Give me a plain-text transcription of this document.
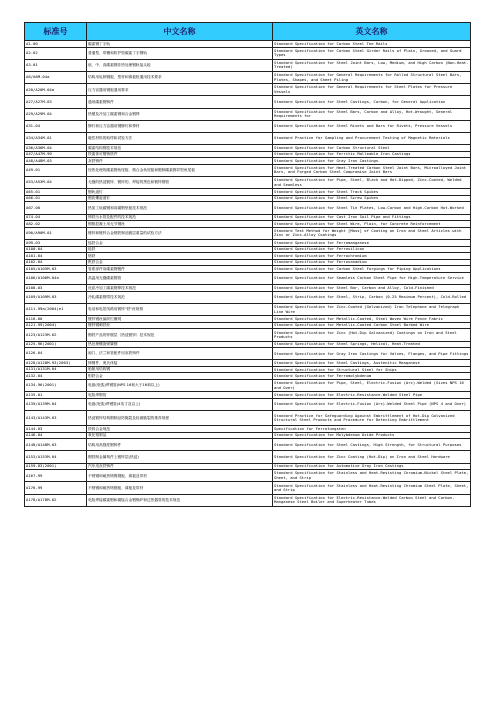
标准号	中文名称	英文名称
A1-00	碳素钢丁字轨	Standard Specification for Carbon Steel Tee Rails
A2-02	普通型、带槽和防护型碳素丁字钢轨	Standard Specification for Carbon Steel Girder Rails of Plain, Grooved, and Guard Types
A3-01	低、中、高碳素钢非热处理钢轨接头板	Standard Specification for Steel Joint Bars, Low, Medium, and High Carbon (Non-Heat-Treated)
A6/A6M-04a	结构用轧制钢板、型材和薄板桩通用技术要求	Standard Specification for General Requirements for Rolled Structural Steel Bars, Plates, Shapes, and Sheet Piling
A20/A20M-04a	压力容器用钢板通用要求	Standard Specification for General Requirements for Steel Plates for Pressure Vessels
A27/A27M-03	通用碳素钢铸件	Standard Specification for Steel Castings, Carbon, for General Application
A29/A29M-04	热锻及冷加工碳素钢和合金钢棒	Standard Specification for Steel Bars, Carbon and Alloy, Hot-Wrought, General Requirements for
A31-04	铆钉和压力容器用钢铆钉和棒材	Standard Specification for Steel Rivets and Bars for Rivets, Pressure Vessels
A34/A34M-01	磁性材料的取样和试验方法	Standard Practice for Sampling and Procurement Testing of Magnetic Materials
A36/A36M-04	碳素结构钢技术规范	Standard Specification for Carbon Structural Steel
A47/A47M-99	铁素体可锻铸铁件	Standard Specification for Ferritic Malleable Iron Castings
A48/A48M-03	灰铁铸件	Standard Specification for Gray Iron Castings
A49-01	经热处理的碳素钢鱼尾板、微合金鱼尾板和锻制碳素钢异型鱼尾板	Standard Specification for Heat-Treated Carbon Steel Joint Bars, Microalloyed Joint Bars, and Forged Carbon Steel Compromise Joint Bars
A53/A53M-04	无缝的热浸镀锌、镀锌的、焊接的黑色和镀锌钢管	Standard Specification for Pipe, Steel, Black and Hot-Dipped, Zinc-Coated, Welded and Seamless
A65-01	钢轨道钉	Standard Specification for Steel Track Spikes
A66-01	钢质螺旋道钉	Standard Specification for Steel Screw Spikes
A67-00	热加工低碳钢和高碳钢垫板技术规范	Standard Specification for Steel Tie Plates, Low-Carbon and High-Carbon Hot-Worked
A74-04	铸铁污水管及配件的技术规范	Standard Specification for Cast Iron Soil Pipe and Fittings
A82-02	钢筋混凝土用无节钢丝	Standard Specification for Steel Wire, Plain, for Concrete Reinforcement
A90/A90M-01	镀锌和镀锌合金钢铁制品镀层重量的试验方法	Standard Test Method for Weight [Mass] of Coating on Iron and Steel Articles with Zinc or Zinc-Alloy Coatings
A99-03	锰铁合金	Standard Specification for Ferromanganese
A100-04	硅铁	Standard Specification for Ferrosilicon
A101-04	铬铁	Standard Specification for Ferrochromium
A102-04	钒铁合金	Standard Specification for Ferrovanadium
A105/A105M-03	管系部件用碳素钢锻件	Standard Specification for Carbon Steel Forgings for Piping Applications
A106/A106M-04a	高温用无缝碳素钢管	Standard Specification for Seamless Carbon Steel Pipe for High-Temperature Service
A108-03	优质冷加工碳素钢棒技术规范	Standard Specification for Steel Bar, Carbon and Alloy, Cold-Finished
A109/A109M-03	冷轧碳素钢带技术规范	Standard Specification for Steel, Strip, Carbon (0.25 Maximum Percent), Cold-Rolled
A111-99a(2004)e1	电话和电报线路用镀锌"铁"丝规格	Standard Specification for Zinc-Coated (Galvanized) Iron Telephone and Telegraph Line Wire
A116-00	镀锌钢丝编织栏栅网	Standard Specification for Metallic-Coated, Steel Woven Wire Fence Fabric
A121-99(2004)	镀锌钢刺铁丝	Standard Specification for Metallic-Coated Carbon Steel Barbed Wire
A123/A123M-02	钢铁产品的锌镀层（热浸镀锌）技术规范	Standard Specification for Zinc (Hot-Dip Galvanized) Coatings on Iron and Steel Products
A125-96(2001)	热处理螺旋弹簧钢	Standard Specification for Steel Springs, Helical, Heat-Treated
A126-04	阀门、法兰和管配件用灰铁铸件	Standard Specification for Gray Iron Castings for Valves, Flanges, and Pipe Fittings
A128/A128M-93(2003)	铸钢件、奥氏体锰	Standard Specification for Steel Castings, Austenitic Manganese
A131/A131M-04	船舶用结构钢	Standard Specification for Structural Steel for Ships
A132-04	钼铁合金	Standard Specification for Ferromolybdenum
A134-96(2001)	电熔(电弧)焊钢管(NPS 16和大于16和以上)	Standard Specification for Pipe, Steel, Electric-Fusion (Arc)-Welded (Sizes NPS 16 and Over)
A135-01	电阻焊钢管	Standard Specification for Electric-Resistance-Welded Steel Pipe
A139/A139M-04	电熔(电弧)焊钢管(4英寸及以上)	Standard Specification for Electric-Fusion (Arc)-Welded Steel Pipe (NPS 4 and Over)
A143/A143M-03	热浸镀锌结构钢制品防脆裂及检测脆裂的推荐规程	Standard Practice for Safeguarding Against Embrittlement of Hot-Dip Galvanized Structural Steel Products and Procedure for Detecting Embrittlement
A144-03	铁钨合金规范	Specification for Ferrotungsten
A146-04	氧化钼制品	Standard Specification for Molybdenum Oxide Products
A148/A148M-03	结构用高强度钢铸件	Standard Specification for Steel Castings, High Strength, for Structural Purposes
A153/A153M-04	钢铁制金属构件上镀锌层(热浸)	Standard Specification for Zinc Coating (Hot-Dip) on Iron and Steel Hardware
A159-83(2001)	汽车用灰铁铸件	Standard Specification for Automotive Gray Iron Castings
A167-99	不锈钢和耐热铬镍钢板、薄板及带材	Standard Specification for Stainless and Heat-Resisting Chromium-Nickel Steel Plate, Sheet, and Strip
A176-99	不锈钢和耐热铬钢板、薄板及带材	Standard Specification for Stainless and Heat-Resisting Chromium Steel Plate, Sheet, and Strip
A178/A178M-02	电阻焊接碳素钢和碳锰合金钢锅炉和过热器管的技术规范	Standard Specification for Electric-Resistance-Welded Carbon Steel and Carbon-Manganese Steel Boiler and Superheater Tubes
